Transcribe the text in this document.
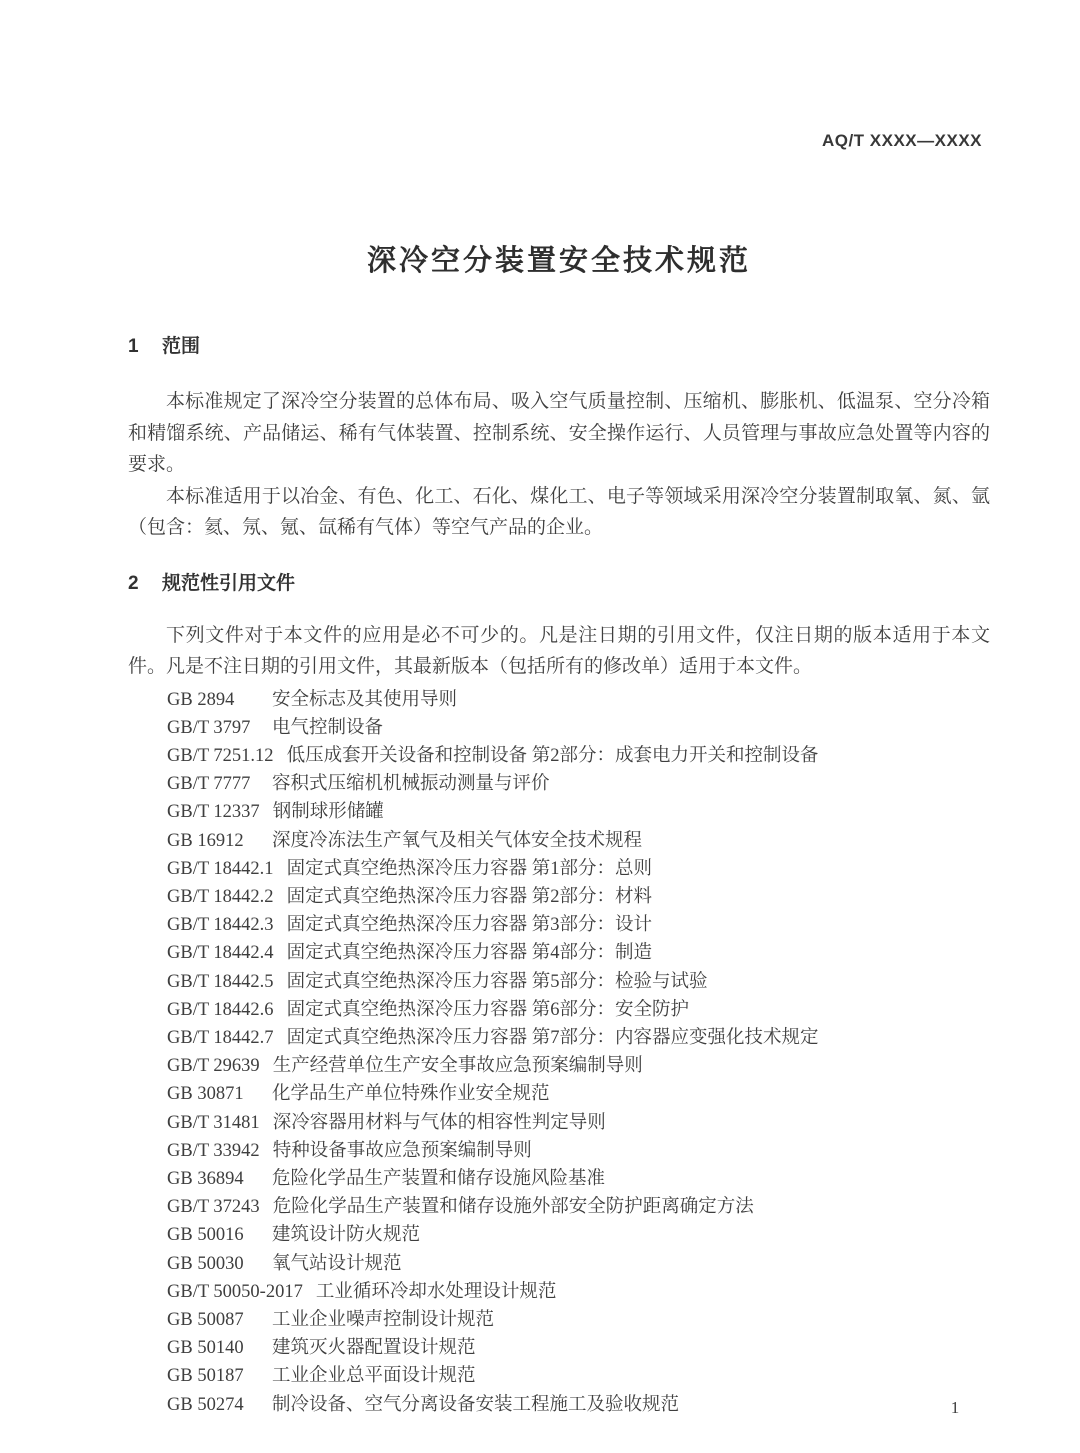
AQ/T XXXX—XXXX
深冷空分装置安全技术规范
1	范围

本标准规定了深冷空分装置的总体布局、吸入空气质量控制、压缩机、膨胀机、低温泵、空分冷箱和精馏系统、产品储运、稀有气体装置、控制系统、安全操作运行、人员管理与事故应急处置等内容的要求。

本标准适用于以冶金、有色、化工、石化、煤化工、电子等领域采用深冷空分装置制取氧、氮、氩（包含：氦、氖、氪、氙稀有气体）等空气产品的企业。

2	规范性引用文件

下列文件对于本文件的应用是必不可少的。凡是注日期的引用文件，仅注日期的版本适用于本文件。凡是不注日期的引用文件，其最新版本（包括所有的修改单）适用于本文件。

GB 2894	安全标志及其使用导则
GB/T 3797	电气控制设备
GB/T 7251.12 低压成套开关设备和控制设备 第2部分：成套电力开关和控制设备
GB/T 7777	容积式压缩机机械振动测量与评价
GB/T 12337 钢制球形储罐
GB 16912	深度冷冻法生产氧气及相关气体安全技术规程
GB/T 18442.1 固定式真空绝热深冷压力容器 第1部分：总则
GB/T 18442.2 固定式真空绝热深冷压力容器 第2部分：材料
GB/T 18442.3 固定式真空绝热深冷压力容器 第3部分：设计
GB/T 18442.4 固定式真空绝热深冷压力容器 第4部分：制造
GB/T 18442.5 固定式真空绝热深冷压力容器 第5部分：检验与试验
GB/T 18442.6 固定式真空绝热深冷压力容器 第6部分：安全防护
GB/T 18442.7 固定式真空绝热深冷压力容器 第7部分：内容器应变强化技术规定
GB/T 29639 生产经营单位生产安全事故应急预案编制导则
GB 30871	化学品生产单位特殊作业安全规范
GB/T 31481 深冷容器用材料与气体的相容性判定导则
GB/T 33942 特种设备事故应急预案编制导则
GB 36894	危险化学品生产装置和储存设施风险基准
GB/T 37243 危险化学品生产装置和储存设施外部安全防护距离确定方法
GB 50016	建筑设计防火规范
GB 50030	氧气站设计规范
GB/T 50050-2017 工业循环冷却水处理设计规范
GB 50087	工业企业噪声控制设计规范
GB 50140	建筑灭火器配置设计规范
GB 50187	工业企业总平面设计规范
GB 50274	制冷设备、空气分离设备安装工程施工及验收规范	1
